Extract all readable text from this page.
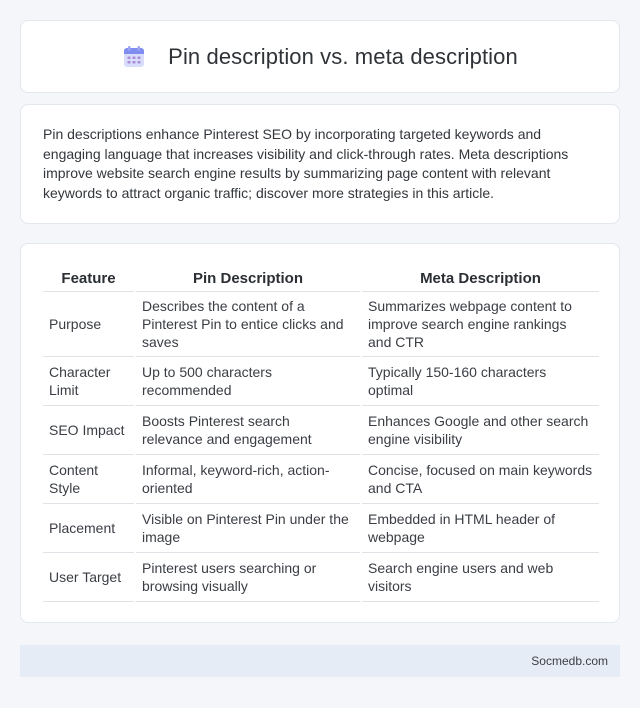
Pin description vs. meta description

Pin descriptions enhance Pinterest SEO by incorporating targeted keywords and engaging language that increases visibility and click-through rates. Meta descriptions improve website search engine results by summarizing page content with relevant keywords to attract organic traffic; discover more strategies in this article.

Feature	Pin Description	Meta Description
Purpose	Describes the content of a Pinterest Pin to entice clicks and saves	Summarizes webpage content to improve search engine rankings and CTR
Character Limit	Up to 500 characters recommended	Typically 150-160 characters optimal
SEO Impact	Boosts Pinterest search relevance and engagement	Enhances Google and other search engine visibility
Content Style	Informal, keyword-rich, action-oriented	Concise, focused on main keywords and CTA
Placement	Visible on Pinterest Pin under the image	Embedded in HTML header of webpage
User Target	Pinterest users searching or browsing visually	Search engine users and web visitors
Socmedb.com
